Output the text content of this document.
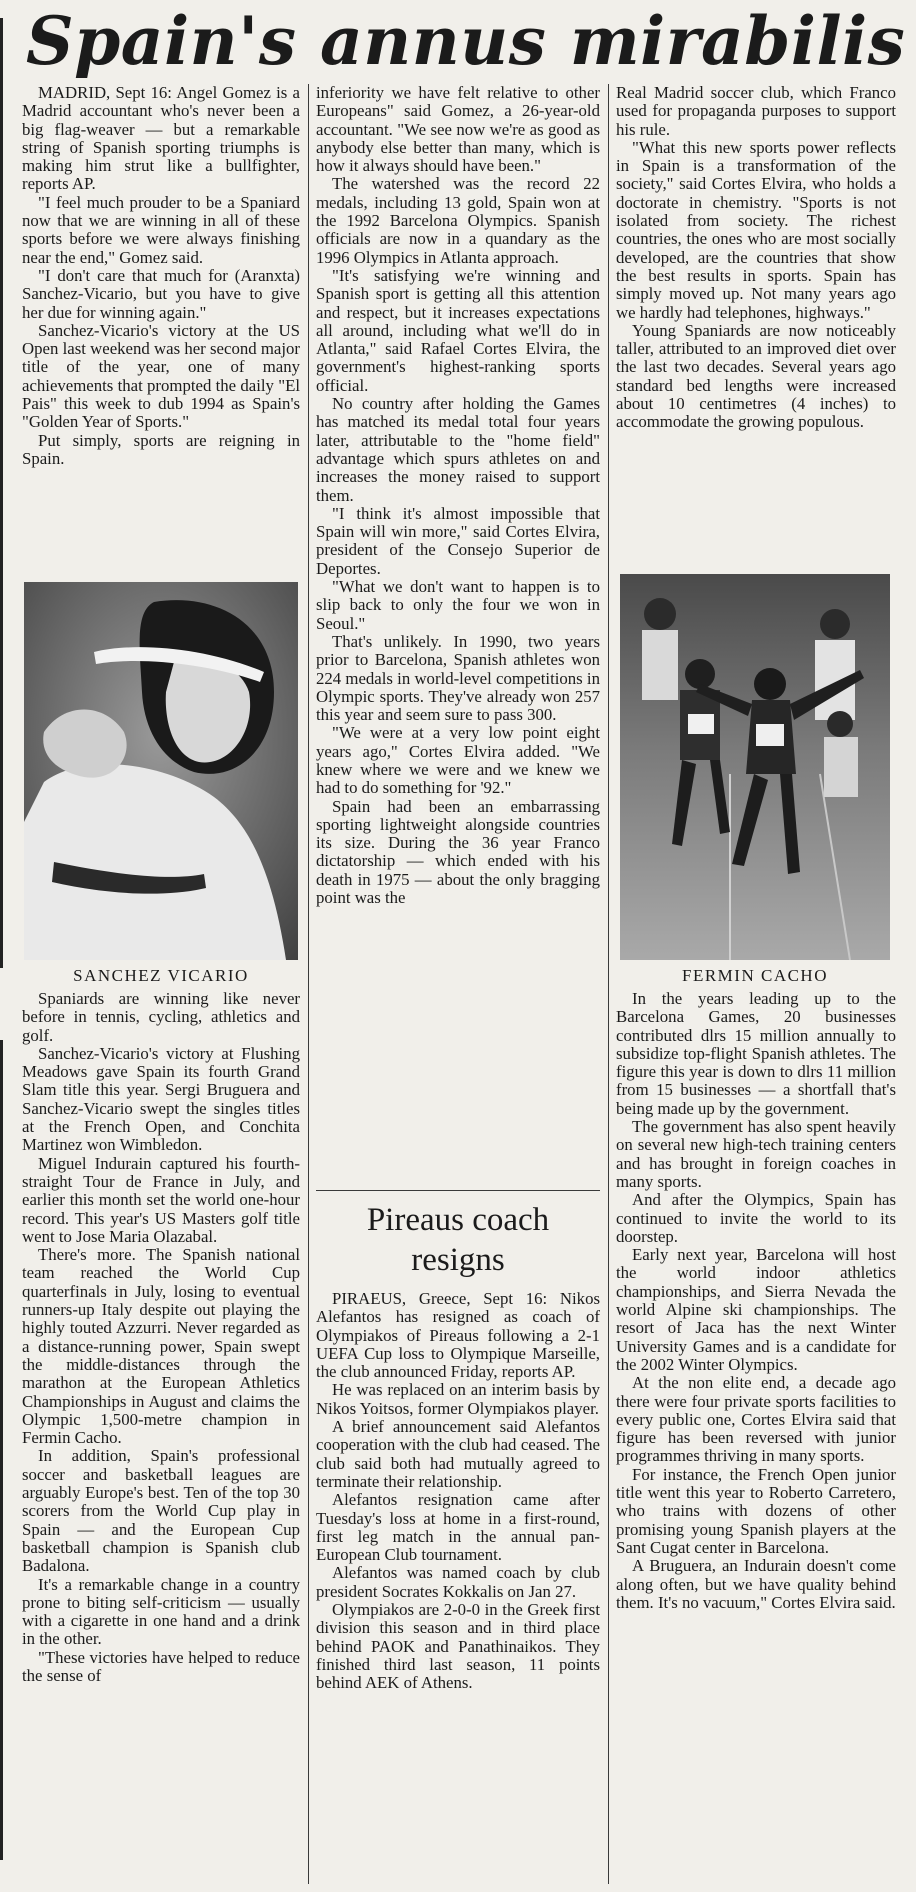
Spain's annus mirabilis

MADRID, Sept 16: Angel Gomez is a Madrid accountant who's never been a big flag-weaver — but a remarkable string of Spanish sporting triumphs is making him strut like a bullfighter, reports AP.

"I feel much prouder to be a Spaniard now that we are winning in all of these sports before we were always finishing near the end," Gomez said.

"I don't care that much for (Aranxta) Sanchez-Vicario, but you have to give her due for winning again."

Sanchez-Vicario's victory at the US Open last weekend was her second major title of the year, one of many achievements that prompted the daily "El Pais" this week to dub 1994 as Spain's "Golden Year of Sports."

Put simply, sports are reigning in Spain.

SANCHEZ VICARIO

Spaniards are winning like never before in tennis, cycling, athletics and golf.

Sanchez-Vicario's victory at Flushing Meadows gave Spain its fourth Grand Slam title this year. Sergi Bruguera and Sanchez-Vicario swept the singles titles at the French Open, and Conchita Martinez won Wimbledon.

Miguel Indurain captured his fourth-straight Tour de France in July, and earlier this month set the world one-hour record. This year's US Masters golf title went to Jose Maria Olazabal.

There's more. The Spanish national team reached the World Cup quarterfinals in July, losing to eventual runners-up Italy despite out playing the highly touted Azzurri. Never regarded as a distance-running power, Spain swept the middle-distances through the marathon at the European Athletics Championships in August and claims the Olympic 1,500-metre champion in Fermin Cacho.

In addition, Spain's professional soccer and basketball leagues are arguably Europe's best. Ten of the top 30 scorers from the World Cup play in Spain — and the European Cup basketball champion is Spanish club Badalona.

It's a remarkable change in a country prone to biting self-criticism — usually with a cigarette in one hand and a drink in the other.

"These victories have helped to reduce the sense of

inferiority we have felt relative to other Europeans" said Gomez, a 26-year-old accountant. "We see now we're as good as anybody else better than many, which is how it always should have been."

The watershed was the record 22 medals, including 13 gold, Spain won at the 1992 Barcelona Olympics. Spanish officials are now in a quandary as the 1996 Olympics in Atlanta approach.

"It's satisfying we're winning and Spanish sport is getting all this attention and respect, but it increases expectations all around, including what we'll do in Atlanta," said Rafael Cortes Elvira, the government's highest-ranking sports official.

No country after holding the Games has matched its medal total four years later, attributable to the "home field" advantage which spurs athletes on and increases the money raised to support them.

"I think it's almost impossible that Spain will win more," said Cortes Elvira, president of the Consejo Superior de Deportes.

"What we don't want to happen is to slip back to only the four we won in Seoul."

That's unlikely. In 1990, two years prior to Barcelona, Spanish athletes won 224 medals in world-level competitions in Olympic sports. They've already won 257 this year and seem sure to pass 300.

"We were at a very low point eight years ago," Cortes Elvira added. "We knew where we were and we knew we had to do something for '92."

Spain had been an embarrassing sporting lightweight alongside countries its size. During the 36 year Franco dictatorship — which ended with his death in 1975 — about the only bragging point was the

Pireaus coach resigns

PIRAEUS, Greece, Sept 16: Nikos Alefantos has resigned as coach of Olympiakos of Pireaus following a 2-1 UEFA Cup loss to Olympique Marseille, the club announced Friday, reports AP.

He was replaced on an interim basis by Nikos Yoitsos, former Olympiakos player.

A brief announcement said Alefantos cooperation with the club had ceased. The club said both had mutually agreed to terminate their relationship.

Alefantos resignation came after Tuesday's loss at home in a first-round, first leg match in the annual pan-European Club tournament.

Alefantos was named coach by club president Socrates Kokkalis on Jan 27.

Olympiakos are 2-0-0 in the Greek first division this season and in third place behind PAOK and Panathinaikos. They finished third last season, 11 points behind AEK of Athens.

Real Madrid soccer club, which Franco used for propaganda purposes to support his rule.

"What this new sports power reflects in Spain is a transformation of the society," said Cortes Elvira, who holds a doctorate in chemistry. "Sports is not isolated from society. The richest countries, the ones who are most socially developed, are the countries that show the best results in sports. Spain has simply moved up. Not many years ago we hardly had telephones, highways."

Young Spaniards are now noticeably taller, attributed to an improved diet over the last two decades. Several years ago standard bed lengths were increased about 10 centimetres (4 inches) to accommodate the growing populous.

FERMIN CACHO

In the years leading up to the Barcelona Games, 20 businesses contributed dlrs 15 million annually to subsidize top-flight Spanish athletes. The figure this year is down to dlrs 11 million from 15 businesses — a shortfall that's being made up by the government.

The government has also spent heavily on several new high-tech training centers and has brought in foreign coaches in many sports.

And after the Olympics, Spain has continued to invite the world to its doorstep.

Early next year, Barcelona will host the world indoor athletics championships, and Sierra Nevada the world Alpine ski championships. The resort of Jaca has the next Winter University Games and is a candidate for the 2002 Winter Olympics.

At the non elite end, a decade ago there were four private sports facilities to every public one, Cortes Elvira said that figure has been reversed with junior programmes thriving in many sports.

For instance, the French Open junior title went this year to Roberto Carretero, who trains with dozens of other promising young Spanish players at the Sant Cugat center in Barcelona.

A Bruguera, an Indurain doesn't come along often, but we have quality behind them. It's no vacuum," Cortes Elvira said.
